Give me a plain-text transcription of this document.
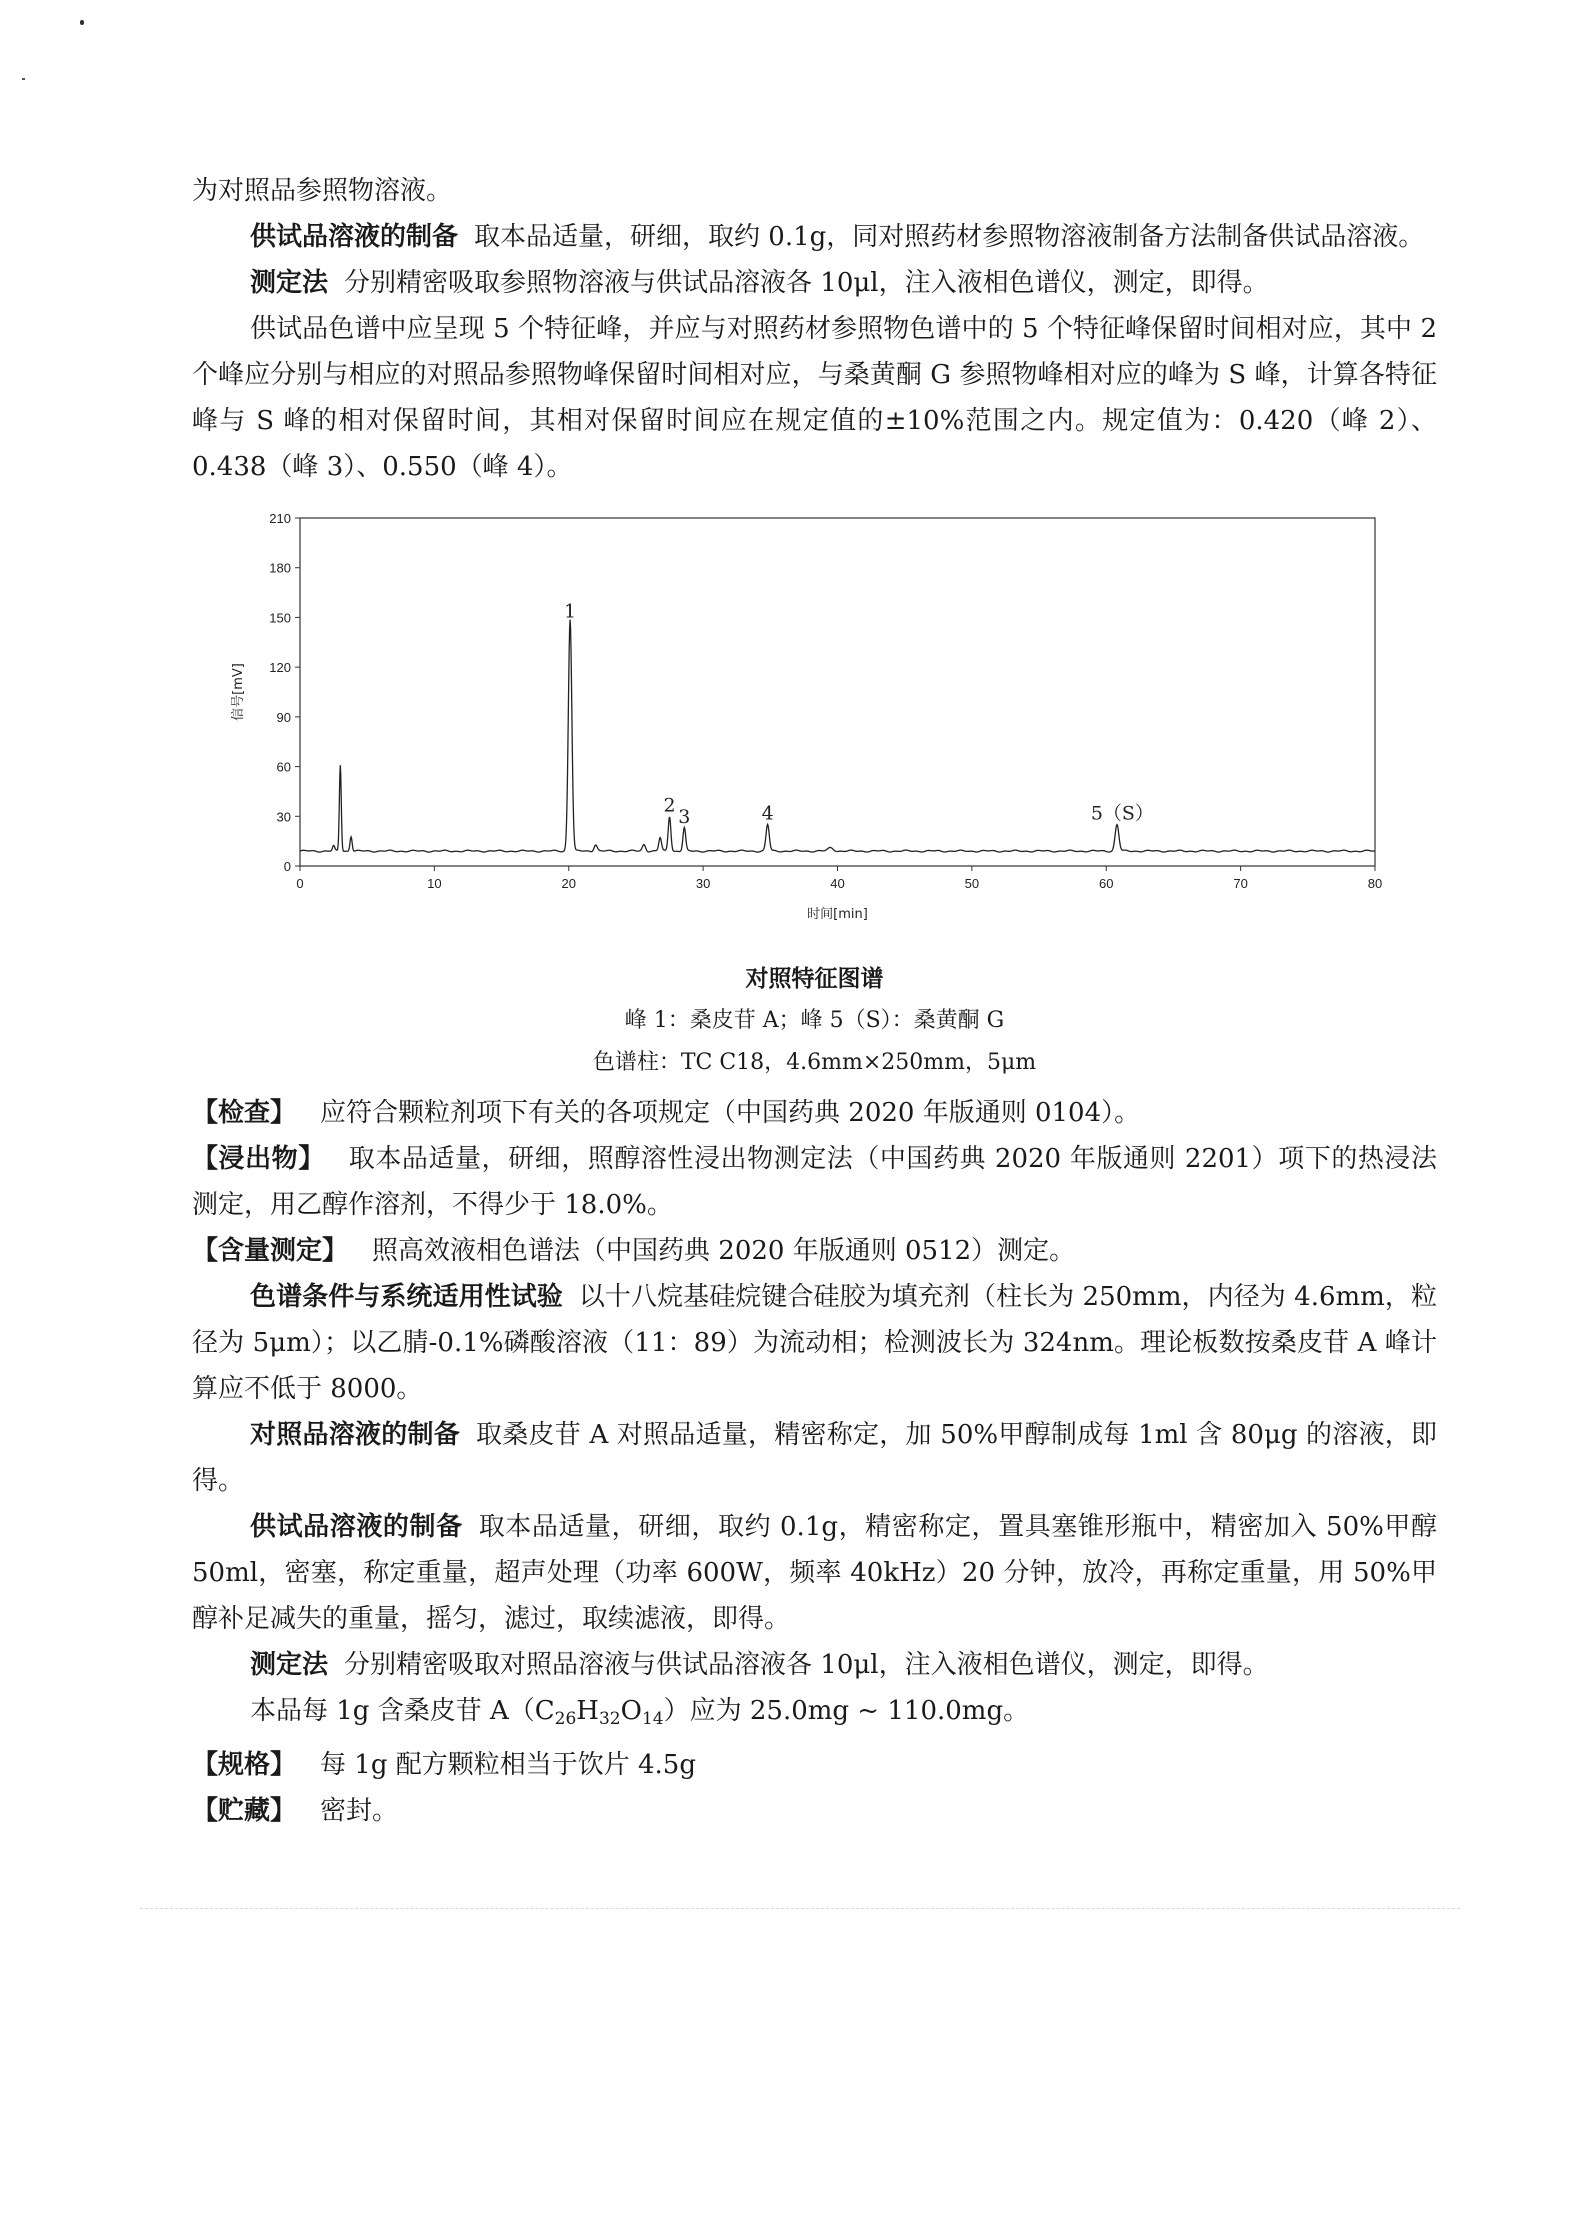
为对照品参照物溶液。

供试品溶液的制备 取本品适量，研细，取约 0.1g，同对照药材参照物溶液制备方法制备供试品溶液。

测定法 分别精密吸取参照物溶液与供试品溶液各 10μl，注入液相色谱仪，测定，即得。

供试品色谱中应呈现 5 个特征峰，并应与对照药材参照物色谱中的 5 个特征峰保留时间相对应，其中 2 个峰应分别与相应的对照品参照物峰保留时间相对应，与桑黄酮 G 参照物峰相对应的峰为 S 峰，计算各特征峰与 S 峰的相对保留时间，其相对保留时间应在规定值的±10%范围之内。规定值为：0.420（峰 2）、0.438（峰 3）、0.550（峰 4）。

0
30
60
90
120
150
180
210
0	10	20	30	40	50	60	70	80
时间[min]
信号[mV]
1
2
3	4	5（S）

对照特征图谱

峰 1：桑皮苷 A；峰 5（S）：桑黄酮 G

色谱柱：TC C18，4.6mm×250mm，5μm

【检查】 应符合颗粒剂项下有关的各项规定（中国药典 2020 年版通则 0104）。

【浸出物】 取本品适量，研细，照醇溶性浸出物测定法（中国药典 2020 年版通则 2201）项下的热浸法测定，用乙醇作溶剂，不得少于 18.0%。

【含量测定】 照高效液相色谱法（中国药典 2020 年版通则 0512）测定。

色谱条件与系统适用性试验 以十八烷基硅烷键合硅胶为填充剂（柱长为 250mm，内径为 4.6mm，粒径为 5μm）；以乙腈-0.1%磷酸溶液（11：89）为流动相；检测波长为 324nm。理论板数按桑皮苷 A 峰计算应不低于 8000。

对照品溶液的制备 取桑皮苷 A 对照品适量，精密称定，加 50%甲醇制成每 1ml 含 80μg 的溶液，即得。

供试品溶液的制备 取本品适量，研细，取约 0.1g，精密称定，置具塞锥形瓶中，精密加入 50%甲醇 50ml，密塞，称定重量，超声处理（功率 600W，频率 40kHz）20 分钟，放冷，再称定重量，用 50%甲醇补足减失的重量，摇匀，滤过，取续滤液，即得。

测定法 分别精密吸取对照品溶液与供试品溶液各 10μl，注入液相色谱仪，测定，即得。

本品每 1g 含桑皮苷 $A(C_{26}H_{32}O_{14})$应为 25.0mg ~ 110.0mg。

【规格】 每 1g 配方颗粒相当于饮片 4.5g

【贮藏】 密封。
